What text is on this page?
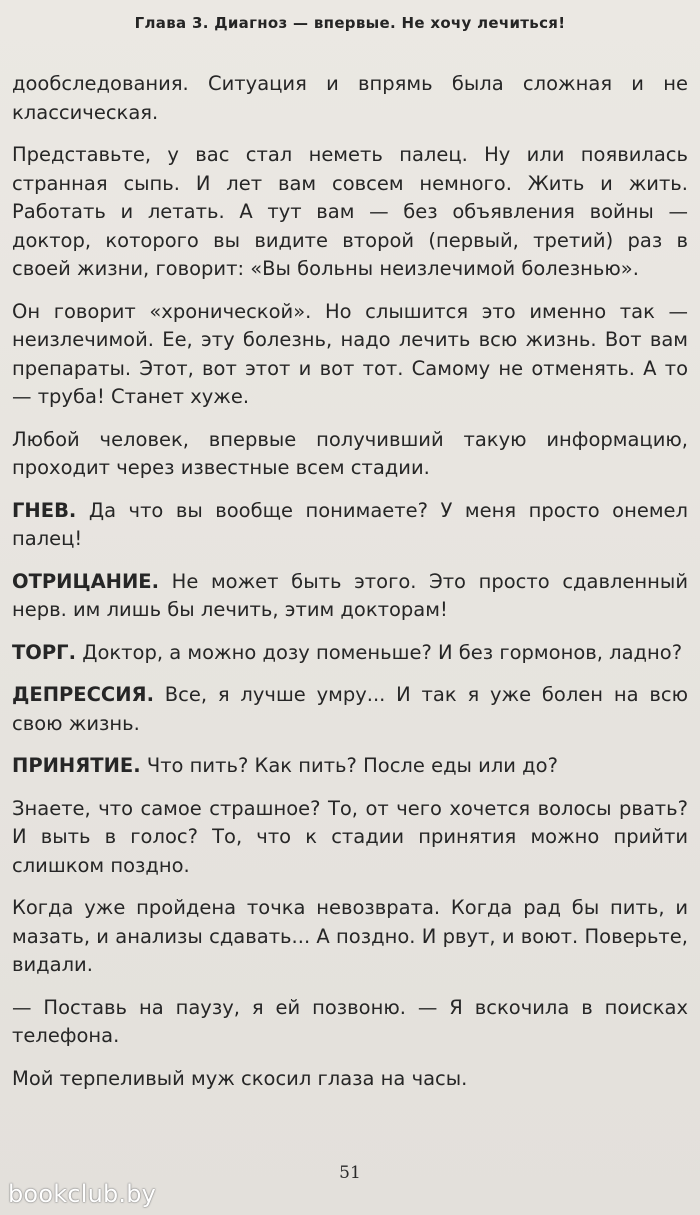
Глава 3. Диагноз — впервые. Не хочу лечиться!

дообследования. Ситуация и впрямь была сложная и не классическая.

Представьте, у вас стал неметь палец. Ну или появилась странная сыпь. И лет вам совсем немного. Жить и жить. Работать и летать. А тут вам — без объявления войны — доктор, которого вы видите второй (первый, третий) раз в своей жизни, говорит: «Вы больны неизлечимой болезнью».

Он говорит «хронической». Но слышится это именно так — неизлечимой. Ее, эту болезнь, надо лечить всю жизнь. Вот вам препараты. Этот, вот этот и вот тот. Самому не отменять. А то — труба! Станет хуже.

Любой человек, впервые получивший такую информацию, проходит через известные всем стадии.

ГНЕВ. Да что вы вообще понимаете? У меня просто онемел палец!

ОТРИЦАНИЕ. Не может быть этого. Это просто сдавленный нерв. им лишь бы лечить, этим докторам!

ТОРГ. Доктор, а можно дозу поменьше? И без гормонов, ладно?

ДЕПРЕССИЯ. Все, я лучше умру... И так я уже болен на всю свою жизнь.

ПРИНЯТИЕ. Что пить? Как пить? После еды или до?

Знаете, что самое страшное? То, от чего хочется волосы рвать? И выть в голос? То, что к стадии принятия можно прийти слишком поздно.

Когда уже пройдена точка невозврата. Когда рад бы пить, и мазать, и анализы сдавать... А поздно. И рвут, и воют. Поверьте, видали.

— Поставь на паузу, я ей позвоню. — Я вскочила в поисках телефона.

Мой терпеливый муж скосил глаза на часы.

51
bookclub.by
